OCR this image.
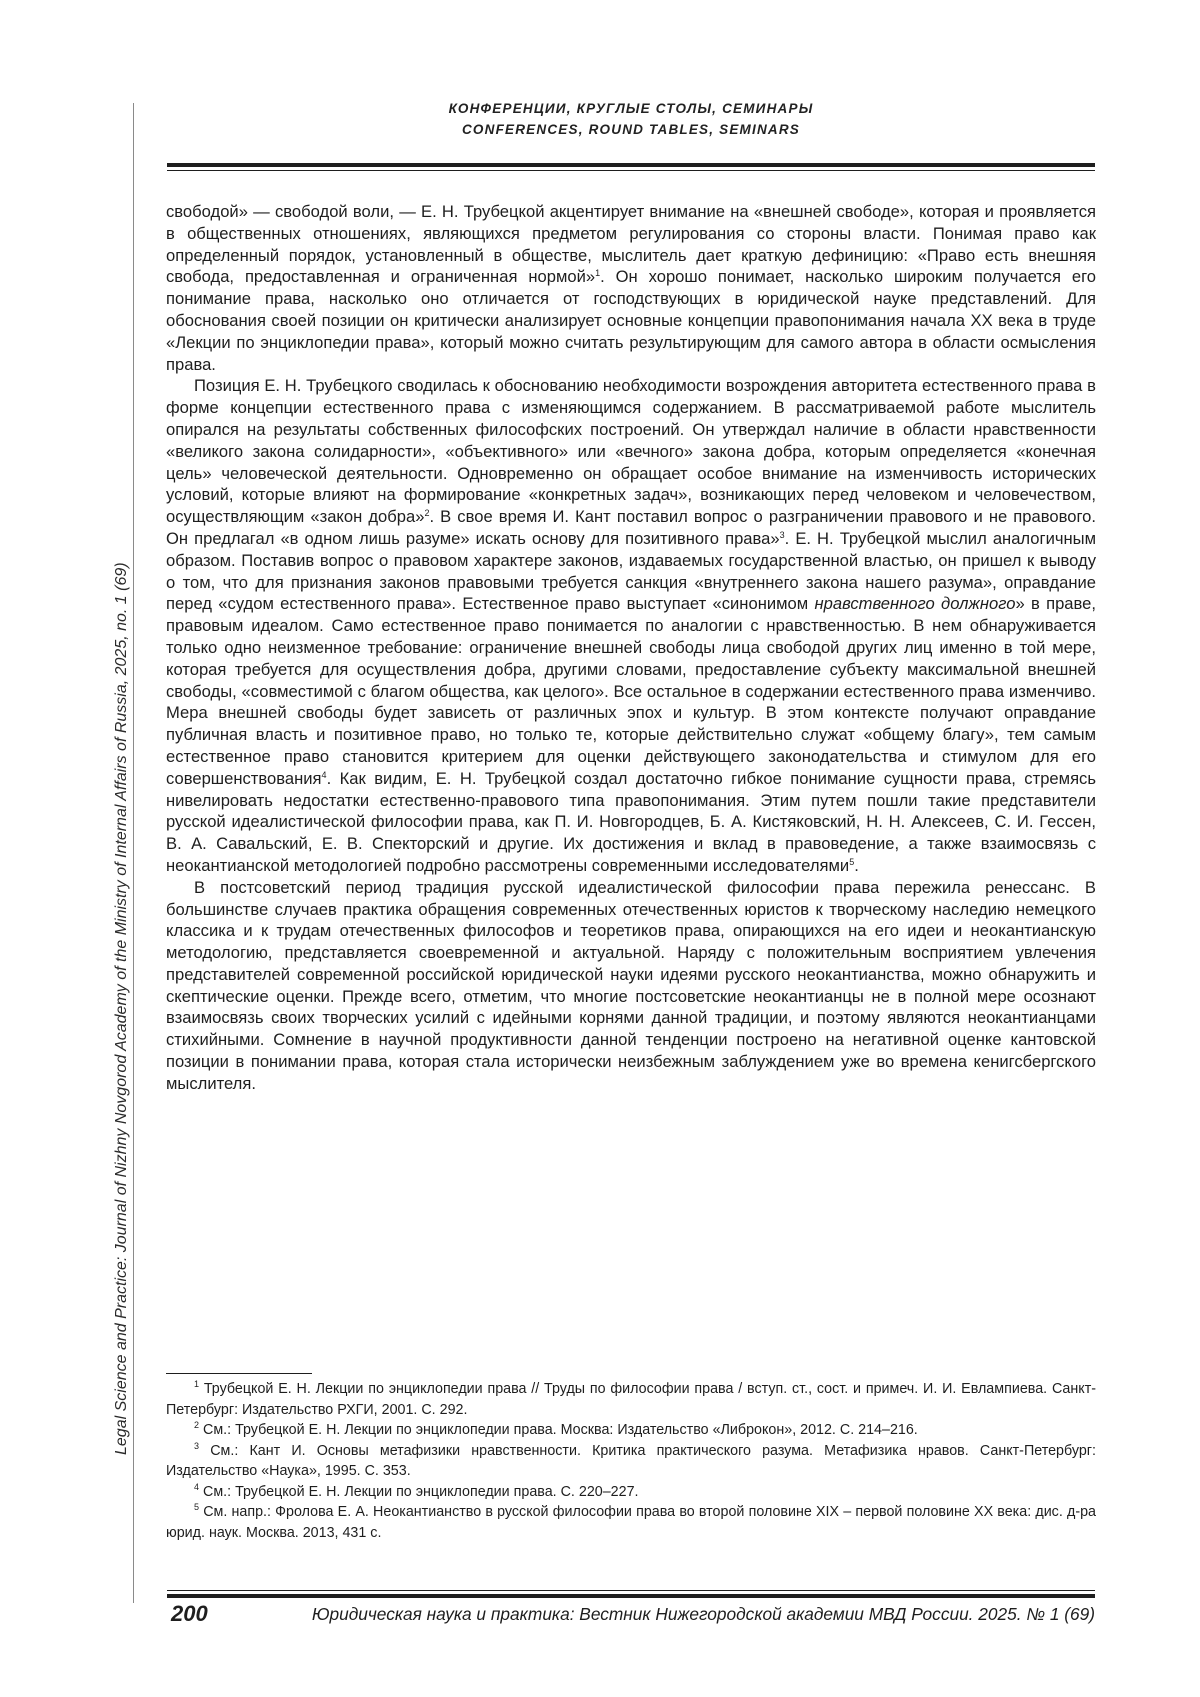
Legal Science and Practice: Journal of Nizhny Novgorod Academy of the Ministry of Internal Affairs of Russia, 2025, no. 1 (69)
КОНФЕРЕНЦИИ, КРУГЛЫЕ СТОЛЫ, СЕМИНАРЫ
CONFERENCES, ROUND TABLES, SEMINARS

свободой» — свободой воли, — Е. Н. Трубецкой акцентирует внимание на «внешней свободе», которая и проявляется в общественных отношениях, являющихся предметом регулирования со стороны власти. Понимая право как определенный порядок, установленный в обществе, мыслитель дает краткую дефиницию: «Право есть внешняя свобода, предоставленная и ограниченная нормой»1. Он хорошо понимает, насколько широким получается его понимание права, насколько оно отличается от господствующих в юридической науке представлений. Для обоснования своей позиции он критически анализирует основные концепции правопонимания начала XX века в труде «Лекции по энциклопедии права», который можно считать результирующим для самого автора в области осмысления права.

Позиция Е. Н. Трубецкого сводилась к обоснованию необходимости возрождения авторитета естественного права в форме концепции естественного права с изменяющимся содержанием. В рассматриваемой работе мыслитель опирался на результаты собственных философских построений. Он утверждал наличие в области нравственности «великого закона солидарности», «объективного» или «вечного» закона добра, которым определяется «конечная цель» человеческой деятельности. Одновременно он обращает особое внимание на изменчивость исторических условий, которые влияют на формирование «конкретных задач», возникающих перед человеком и человечеством, осуществляющим «закон добра»2. В свое время И. Кант поставил вопрос о разграничении правового и не правового. Он предлагал «в одном лишь разуме» искать основу для позитивного права»3. Е. Н. Трубецкой мыслил аналогичным образом. Поставив вопрос о правовом характере законов, издаваемых государственной властью, он пришел к выводу о том, что для признания законов правовыми требуется санкция «внутреннего закона нашего разума», оправдание перед «судом естественного права». Естественное право выступает «синонимом нравственного должного» в праве, правовым идеалом. Само естественное право понимается по аналогии с нравственностью. В нем обнаруживается только одно неизменное требование: ограничение внешней свободы лица свободой других лиц именно в той мере, которая требуется для осуществления добра, другими словами, предоставление субъекту максимальной внешней свободы, «совместимой с благом общества, как целого». Все остальное в содержании естественного права изменчиво. Мера внешней свободы будет зависеть от различных эпох и культур. В этом контексте получают оправдание публичная власть и позитивное право, но только те, которые действительно служат «общему благу», тем самым естественное право становится критерием для оценки действующего законодательства и стимулом для его совершенствования4. Как видим, Е. Н. Трубецкой создал достаточно гибкое понимание сущности права, стремясь нивелировать недостатки естественно-правового типа правопонимания. Этим путем пошли такие представители русской идеалистической философии права, как П. И. Новгородцев, Б. А. Кистяковский, Н. Н. Алексеев, С. И. Гессен, В. А. Савальский, Е. В. Спекторский и другие. Их достижения и вклад в правоведение, а также взаимосвязь с неокантианской методологией подробно рассмотрены современными исследователями5.

В постсоветский период традиция русской идеалистической философии права пережила ренессанс. В большинстве случаев практика обращения современных отечественных юристов к творческому наследию немецкого классика и к трудам отечественных философов и теоретиков права, опирающихся на его идеи и неокантианскую методологию, представляется своевременной и актуальной. Наряду с положительным восприятием увлечения представителей современной российской юридической науки идеями русского неокантианства, можно обнаружить и скептические оценки. Прежде всего, отметим, что многие постсоветские неокантианцы не в полной мере осознают взаимосвязь своих творческих усилий с идейными корнями данной традиции, и поэтому являются неокантианцами стихийными. Сомнение в научной продуктивности данной тенденции построено на негативной оценке кантовской позиции в понимании права, которая стала исторически неизбежным заблуждением уже во времена кенигсбергского мыслителя.

1 Трубецкой Е. Н. Лекции по энциклопедии права // Труды по философии права / вступ. ст., сост. и примеч. И. И. Евлампиева. Санкт-Петербург: Издательство РХГИ, 2001. С. 292.

2 См.: Трубецкой Е. Н. Лекции по энциклопедии права. Москва: Издательство «Либрокон», 2012. С. 214–216.

3 См.: Кант И. Основы метафизики нравственности. Критика практического разума. Метафизика нравов. Санкт-Петербург: Издательство «Наука», 1995. С. 353.

4 См.: Трубецкой Е. Н. Лекции по энциклопедии права. С. 220–227.

5 См. напр.: Фролова Е. А. Неокантианство в русской философии права во второй половине XIX – первой половине XX века: дис. д-ра юрид. наук. Москва. 2013, 431 с.

200	Юридическая наука и практика: Вестник Нижегородской академии МВД России. 2025. № 1 (69)
